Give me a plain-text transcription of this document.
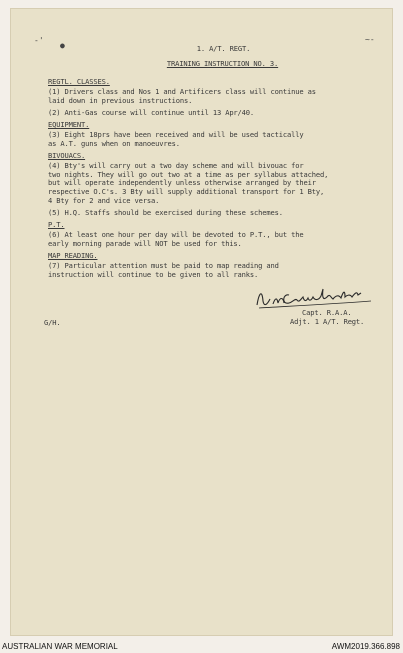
-'
●
~-
1. A/T. REGT.
TRAINING INSTRUCTION NO. 3.
REGTL. CLASSES.
(1) Drivers class and Nos 1 and Artificers class will continue as
laid down in previous instructions.
(2) Anti-Gas course will continue until 13 Apr/40.
EQUIPMENT.
(3) Eight 18prs have been received and will be used tactically
as A.T. guns when on manoeuvres.
BIVOUACS.
(4) Bty's will carry out a two day scheme and will bivouac for
two nights. They will go out two at a time as per syllabus attached,
but will operate independently unless otherwise arranged by their
respective O.C's. 3 Bty will supply additional transport for 1 Bty,
4 Bty for 2 and vice versa.
(5) H.Q. Staffs should be exercised during these schemes.
P.T.
(6) At least one hour per day will be devoted to P.T., but the
early morning parade will NOT be used for this.
MAP READING.
(7) Particular attention must be paid to map reading and
instruction will continue to be given to all ranks.
Capt. R.A.A.
Adjt. 1 A/T. Regt.
G/H.
AUSTRALIAN WAR MEMORIAL	AWM2019.366.898
